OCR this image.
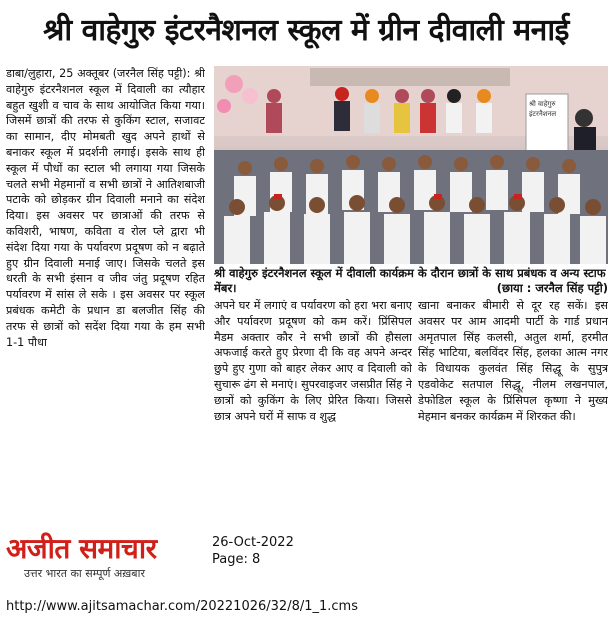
श्री वाहेगुरु इंटरनैशनल स्कूल में ग्रीन दीवाली मनाई

डाबा/लुहारा, 25 अक्तूबर (जरनैल सिंह पट्टी): श्री वाहेगुरु इंटरनैशनल स्कूल में दिवाली का त्यौहार बहुत खुशी व चाव के साथ आयोजित किया गया। जिसमें छात्रों की तरफ से कुकिंग स्टाल, सजावट का सामान, दीए मोमबती खुद अपने हाथों से बनाकर स्कूल में प्रदर्शनी लगाई। इसके साथ ही स्कूल में पौधों का स्टाल भी लगाया गया जिसके चलते सभी मेहमानों व सभी छात्रों ने आतिशबाजी पटाके को छोड़कर ग्रीन दिवाली मनाने का संदेश दिया। इस अवसर पर छात्राओं की तरफ से कविशरी, भाषण, कविता व रोल प्ले द्वारा भी संदेश दिया गया के पर्यावरण प्रदूषण को न बढ़ाते हुए ग्रीन दिवाली मनाई जाए। जिसके चलते इस धरती के सभी इंसान व जीव जंतु प्रदूषण रहित पर्यावरण में सांस ले सके । इस अवसर पर स्कूल प्रबंधक कमेटी के प्रधान डा बलजीत सिंह की तरफ से छात्रों को सदेंश दिया गया के हम सभी 1-1 पौधा

श्री वाहेगुरु
इंटरनैशनल
श्री वाहेगुरु इंटरनैशनल स्कूल में दीवाली कार्यक्रम के दौरान छात्रों के साथ प्रबंधक व अन्य स्टाफ मेंबर।	(छाया : जरनैल सिंह पट्टी)

अपने घर में लगाएं व पर्यावरण को हरा भरा बनाए और पर्यावरण प्रदूषण को कम करें। प्रिंसिपल मैडम अक्तार कौर ने सभी छात्रों की हौसला अफजाई करते हुए प्रेरणा दी कि वह अपने अन्दर छुपे हुए गुणा को बाहर लेकर आए व दिवाली को सुचारू ढंग से मनाएं। सुपरवाइजर जसप्रीत सिंह ने छात्रों को कुकिंग के लिए प्रेरित किया। जिससे छात्र अपने घरों में साफ व शुद्ध

खाना बनाकर बीमारी से दूर रह सकें। इस अवसर पर आम आदमी पार्टी के गार्ड प्रधान अमृतपाल सिंह कलसी, अतुल शर्मा, हरमीत सिंह भाटिया, बलविंदर सिंह, हलका आत्म नगर के विधायक कुलवंत सिंह सिद्धू के सुपुत्र एडवोकेट सतपाल सिद्धू, नीलम लखनपाल, डेफोडिल स्कूल के प्रिंसिपल कृष्णा ने मुख्य मेहमान बनकर कार्यक्रम में शिरकत की।

अजीत समाचार
उत्तर भारत का सम्पूर्ण अख़बार
26-Oct-2022
Page: 8
http://www.ajitsamachar.com/20221026/32/8/1_1.cms
